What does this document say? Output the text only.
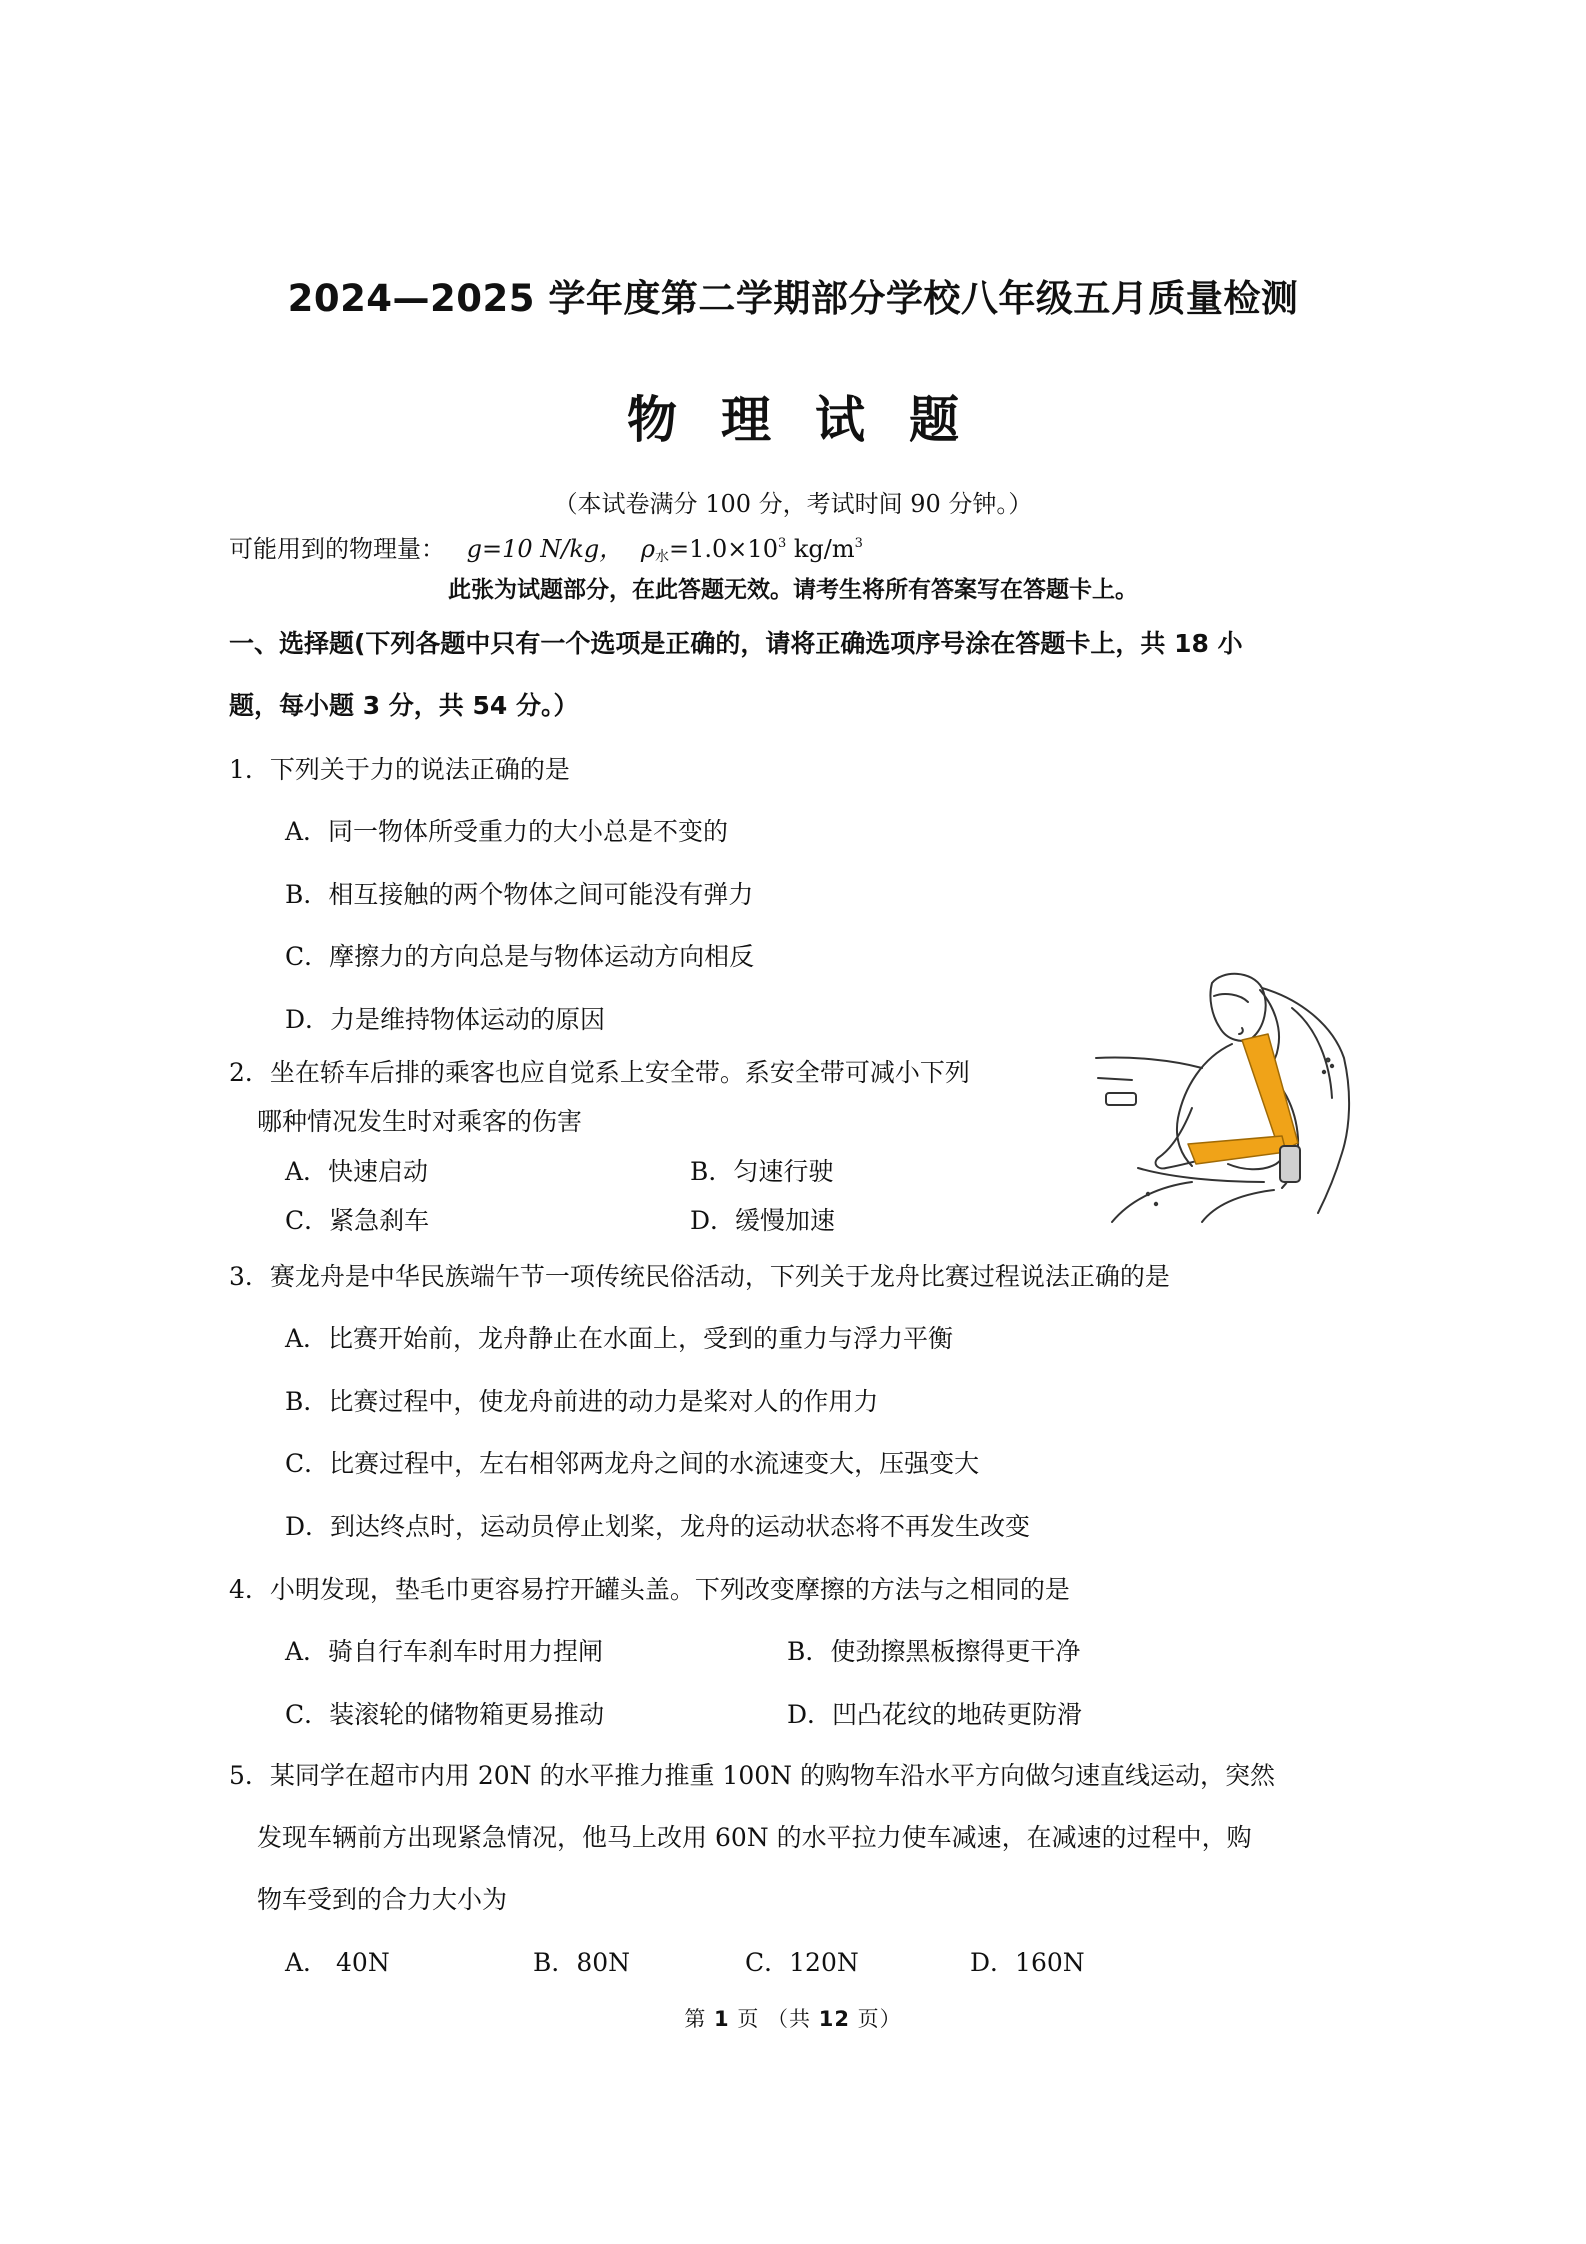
2024—2025 学年度第二学期部分学校八年级五月质量检测
物理试题
（本试卷满分 100 分，考试时间 90 分钟。）
可能用到的物理量： g=10 N/kg， $\rho_水=1.0\times 10^3$ $kg/m^3$
此张为试题部分，在此答题无效。请考生将所有答案写在答题卡上。
一、选择题(下列各题中只有一个选项是正确的，请将正确选项序号涂在答题卡上，共 18 小
题，每小题 3 分，共 54 分。）
1．下列关于力的说法正确的是
A．同一物体所受重力的大小总是不变的
B．相互接触的两个物体之间可能没有弹力
C．摩擦力的方向总是与物体运动方向相反
D．力是维持物体运动的原因
2．坐在轿车后排的乘客也应自觉系上安全带。系安全带可减小下列
哪种情况发生时对乘客的伤害
A．快速启动	B．匀速行驶
C．紧急刹车	D．缓慢加速
3．赛龙舟是中华民族端午节一项传统民俗活动，下列关于龙舟比赛过程说法正确的是
A．比赛开始前，龙舟静止在水面上，受到的重力与浮力平衡
B．比赛过程中，使龙舟前进的动力是桨对人的作用力
C．比赛过程中，左右相邻两龙舟之间的水流速变大，压强变大
D．到达终点时，运动员停止划桨，龙舟的运动状态将不再发生改变
4．小明发现，垫毛巾更容易拧开罐头盖。下列改变摩擦的方法与之相同的是
A．骑自行车刹车时用力捏闸	B．使劲擦黑板擦得更干净
C．装滚轮的储物箱更易推动	D．凹凸花纹的地砖更防滑
5．某同学在超市内用 20N 的水平推力推重 100N 的购物车沿水平方向做匀速直线运动，突然
发现车辆前方出现紧急情况，他马上改用 60N 的水平拉力使车减速，在减速的过程中，购
物车受到的合力大小为
A． 40N	B．80N	C．120N	D．160N
第 1 页 （共 12 页）
